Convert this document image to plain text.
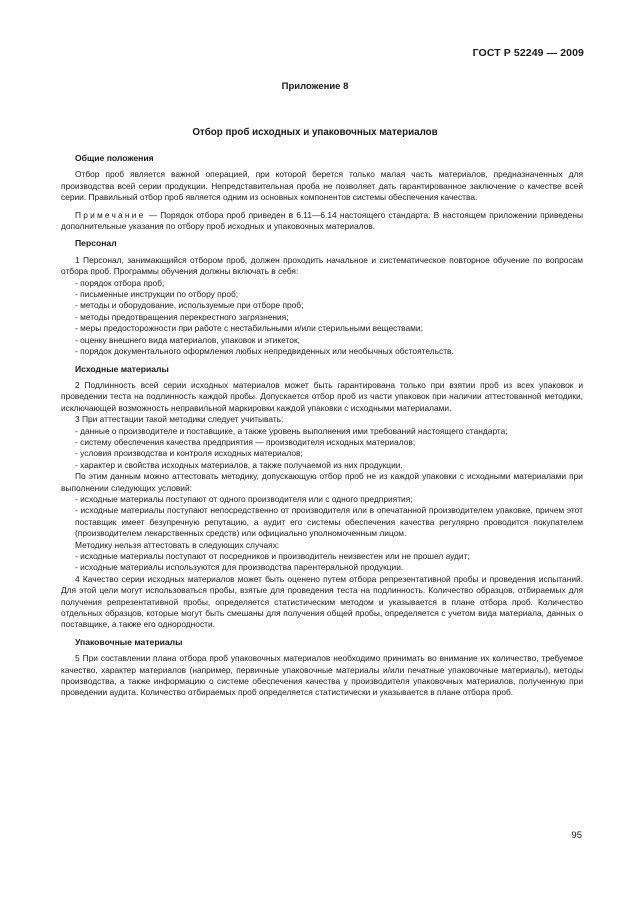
ГОСТ Р 52249 — 2009
Приложение 8
Отбор проб исходных и упаковочных материалов
Общие положения

Отбор проб является важной операцией, при которой берется только малая часть материалов, предназначенных для производства всей серии продукции. Непредставительная проба не позволяет дать гарантированное заключение о качестве всей серии. Правильный отбор проб является одним из основных компонентов системы обеспечения качества.

Примечание — Порядок отбора проб приведен в 6.11—6.14 настоящего стандарта. В настоящем приложении приведены дополнительные указания по отбору проб исходных и упаковочных материалов.

Персонал

1 Персонал, занимающийся отбором проб, должен проходить начальное и систематическое повторное обучение по вопросам отбора проб. Программы обучения должны включать в себя:

- порядок отбора проб;
- письменные инструкции по отбору проб;
- методы и оборудование, используемые при отборе проб;
- методы предотвращения перекрестного загрязнения;
- меры предосторожности при работе с нестабильными и/или стерильными веществами;
- оценку внешнего вида материалов, упаковок и этикеток;
- порядок документального оформления любых непредвиденных или необычных обстоятельств.
Исходные материалы

2 Подлинность всей серии исходных материалов может быть гарантирована только при взятии проб из всех упаковок и проведении теста на подлинность каждой пробы. Допускается отбор проб из части упаковок при наличии аттестованной методики, исключающей возможность неправильной маркировки каждой упаковки с исходными материалами.

3 При аттестации такой методики следует учитывать:

- данные о производителе и поставщике, а также уровень выполнения ими требований настоящего стандарта;
- систему обеспечения качества предприятия — производителя исходных материалов;
- условия производства и контроля исходных материалов;
- характер и свойства исходных материалов, а также получаемой из них продукции.

По этим данным можно аттестовать методику, допускающую отбор проб не из каждой упаковки с исходными материалами при выполнении следующих условий:

- исходные материалы поступают от одного производителя или с одного предприятия;
- исходные материалы поступают непосредственно от производителя или в опечатанной производителем упаковке, причем этот поставщик имеет безупречную репутацию, а аудит его системы обеспечения качества регулярно проводится покупателем (производителем лекарственных средств) или официально уполномоченным лицом.

Методику нельзя аттестовать в следующих случаях:

- исходные материалы поступают от посредников и производитель неизвестен или не прошел аудит;
- исходные материалы используются для производства парентеральной продукции.

4 Качество серии исходных материалов может быть оценено путем отбора репрезентативной пробы и проведения испытаний. Для этой цели могут использоваться пробы, взятые для проведения теста на подлинность. Количество образцов, отбираемых для получения репрезентативной пробы, определяется статистическим методом и указывается в плане отбора проб. Количество отдельных образцов, которые могут быть смешаны для получения общей пробы, определяется с учетом вида материала, данных о поставщике, а также его однородности.

Упаковочные материалы

5 При составлении плана отбора проб упаковочных материалов необходимо принимать во внимание их количество, требуемое качество, характер материалов (например, первичные упаковочные материалы и/или печатные упаковочные материалы), методы производства, а также информацию о системе обеспечения качества у производителя упаковочных материалов, полученную при проведении аудита. Количество отбираемых проб определяется статистически и указывается в плане отбора проб.

95
